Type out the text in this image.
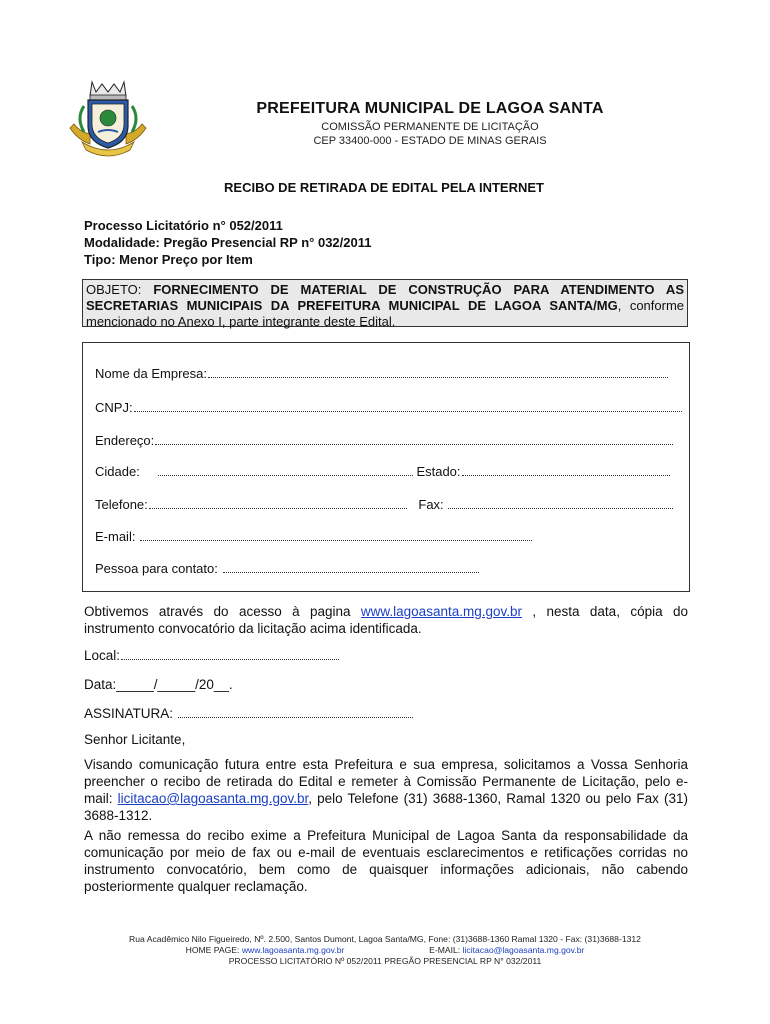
PREFEITURA MUNICIPAL DE LAGOA SANTA
COMISSÃO PERMANENTE DE LICITAÇÃO
CEP 33400-000 - ESTADO DE MINAS GERAIS
RECIBO DE RETIRADA DE EDITAL PELA INTERNET
Processo Licitatório n° 052/2011
Modalidade: Pregão Presencial RP n° 032/2011
Tipo: Menor Preço por Item
OBJETO: FORNECIMENTO DE MATERIAL DE CONSTRUÇÃO PARA ATENDIMENTO AS SECRETARIAS MUNICIPAIS DA PREFEITURA MUNICIPAL DE LAGOA SANTA/MG, conforme mencionado no Anexo I, parte integrante deste Edital.
Nome da Empresa:
CNPJ:
Endereço:
Cidade:	Estado:
Telefone:	Fax:
E-mail:
Pessoa para contato:
Obtivemos através do acesso à pagina www.lagoasanta.mg.gov.br , nesta data, cópia do instrumento convocatório da licitação acima identificada.
Local:
Data:_____/_____/20__.
ASSINATURA:
Senhor Licitante,
Visando comunicação futura entre esta Prefeitura e sua empresa, solicitamos a Vossa Senhoria preencher o recibo de retirada do Edital e remeter à Comissão Permanente de Licitação, pelo e-mail: licitacao@lagoasanta.mg.gov.br, pelo Telefone (31) 3688-1360, Ramal 1320 ou pelo Fax (31) 3688-1312.
A não remessa do recibo exime a Prefeitura Municipal de Lagoa Santa da responsabilidade da comunicação por meio de fax ou e-mail de eventuais esclarecimentos e retificações corridas no instrumento convocatório, bem como de quaisquer informações adicionais, não cabendo posteriormente qualquer reclamação.
Rua Acadêmico Nilo Figueiredo, Nº. 2.500, Santos Dumont, Lagoa Santa/MG, Fone: (31)3688-1360 Ramal 1320 - Fax: (31)3688-1312
HOME PAGE: www.lagoasanta.mg.gov.br	E-MAIL: licitacao@lagoasanta.mg.gov.br
PROCESSO LICITATÓRIO Nº 052/2011 PREGÃO PRESENCIAL RP N° 032/2011
